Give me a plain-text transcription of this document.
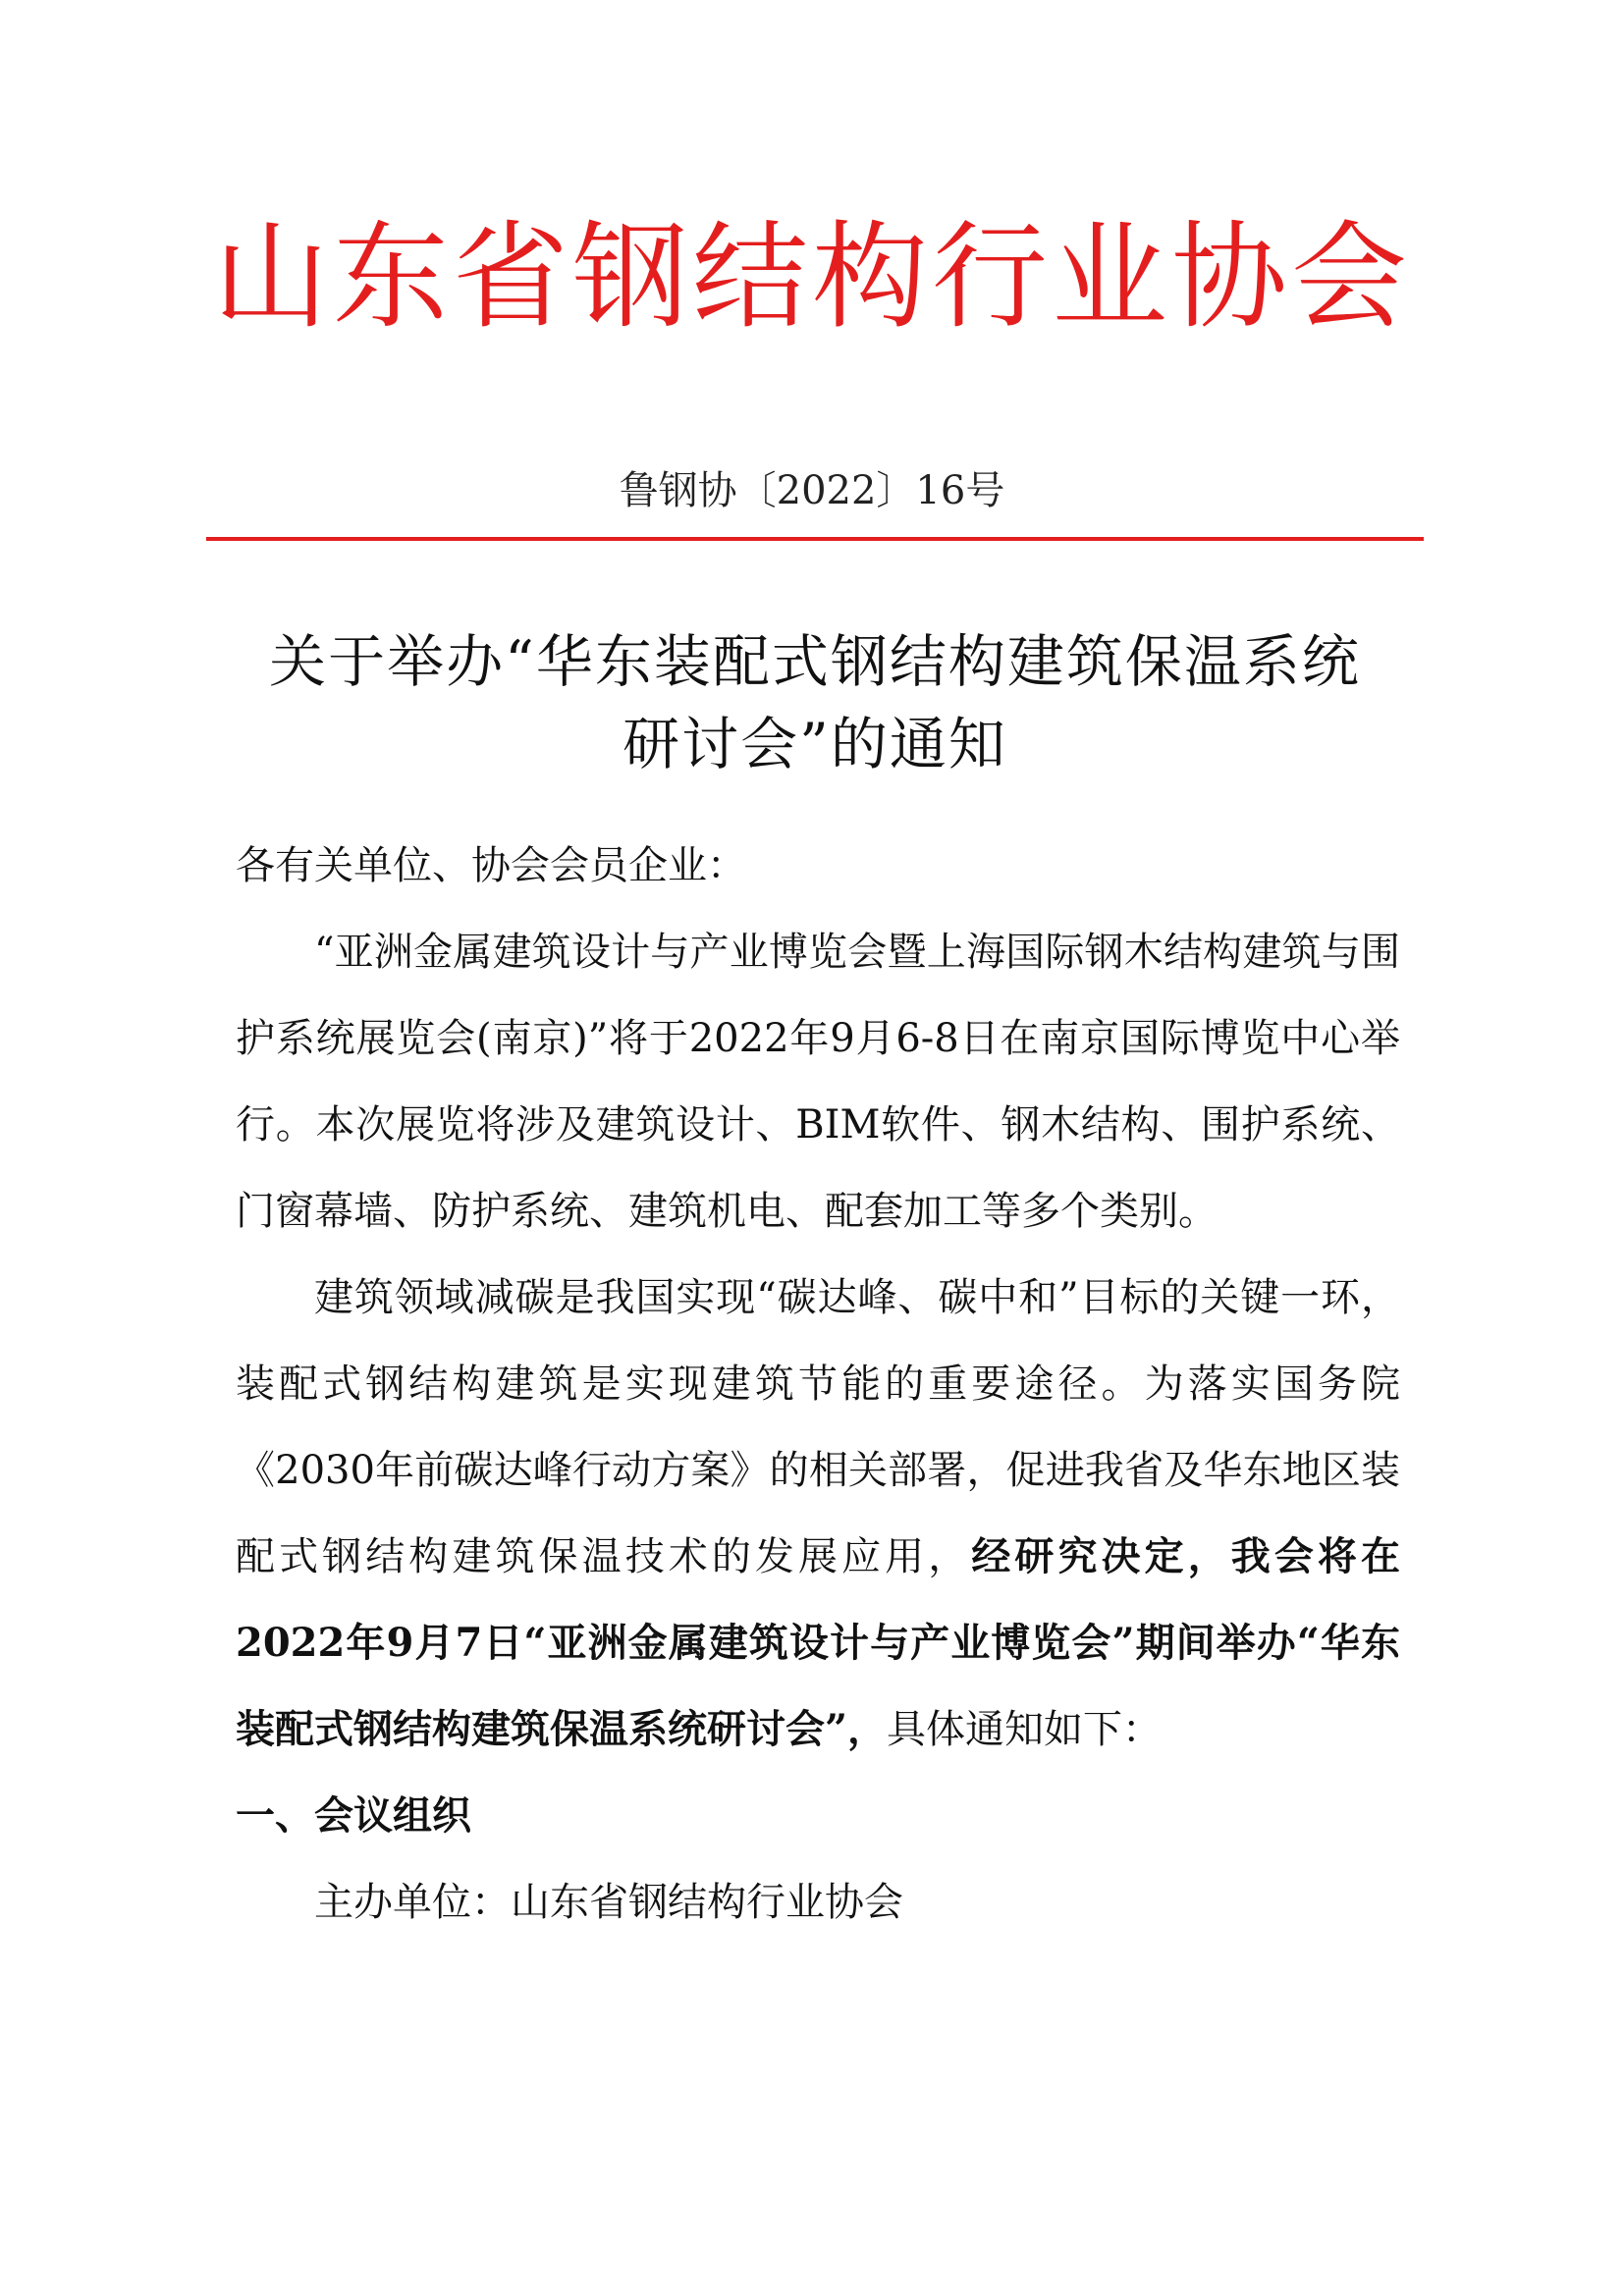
山东省钢结构行业协会
鲁钢协〔2022〕16号
关于举办“华东装配式钢结构建筑保温系统
研讨会”的通知

各有关单位、协会会员企业：

“亚洲金属建筑设计与产业博览会暨上海国际钢木结构建筑与围护系统展览会(南京)”将于2022年9月6-8日在南京国际博览中心举行。本次展览将涉及建筑设计、BIM软件、钢木结构、围护系统、门窗幕墙、防护系统、建筑机电、配套加工等多个类别。

建筑领域减碳是我国实现“碳达峰、碳中和”目标的关键一环，装配式钢结构建筑是实现建筑节能的重要途径。为落实国务院《2030年前碳达峰行动方案》的相关部署，促进我省及华东地区装配式钢结构建筑保温技术的发展应用，经研究决定，我会将在2022年9月7日“亚洲金属建筑设计与产业博览会”期间举办“华东装配式钢结构建筑保温系统研讨会”，具体通知如下：

一、会议组织

主办单位：山东省钢结构行业协会
